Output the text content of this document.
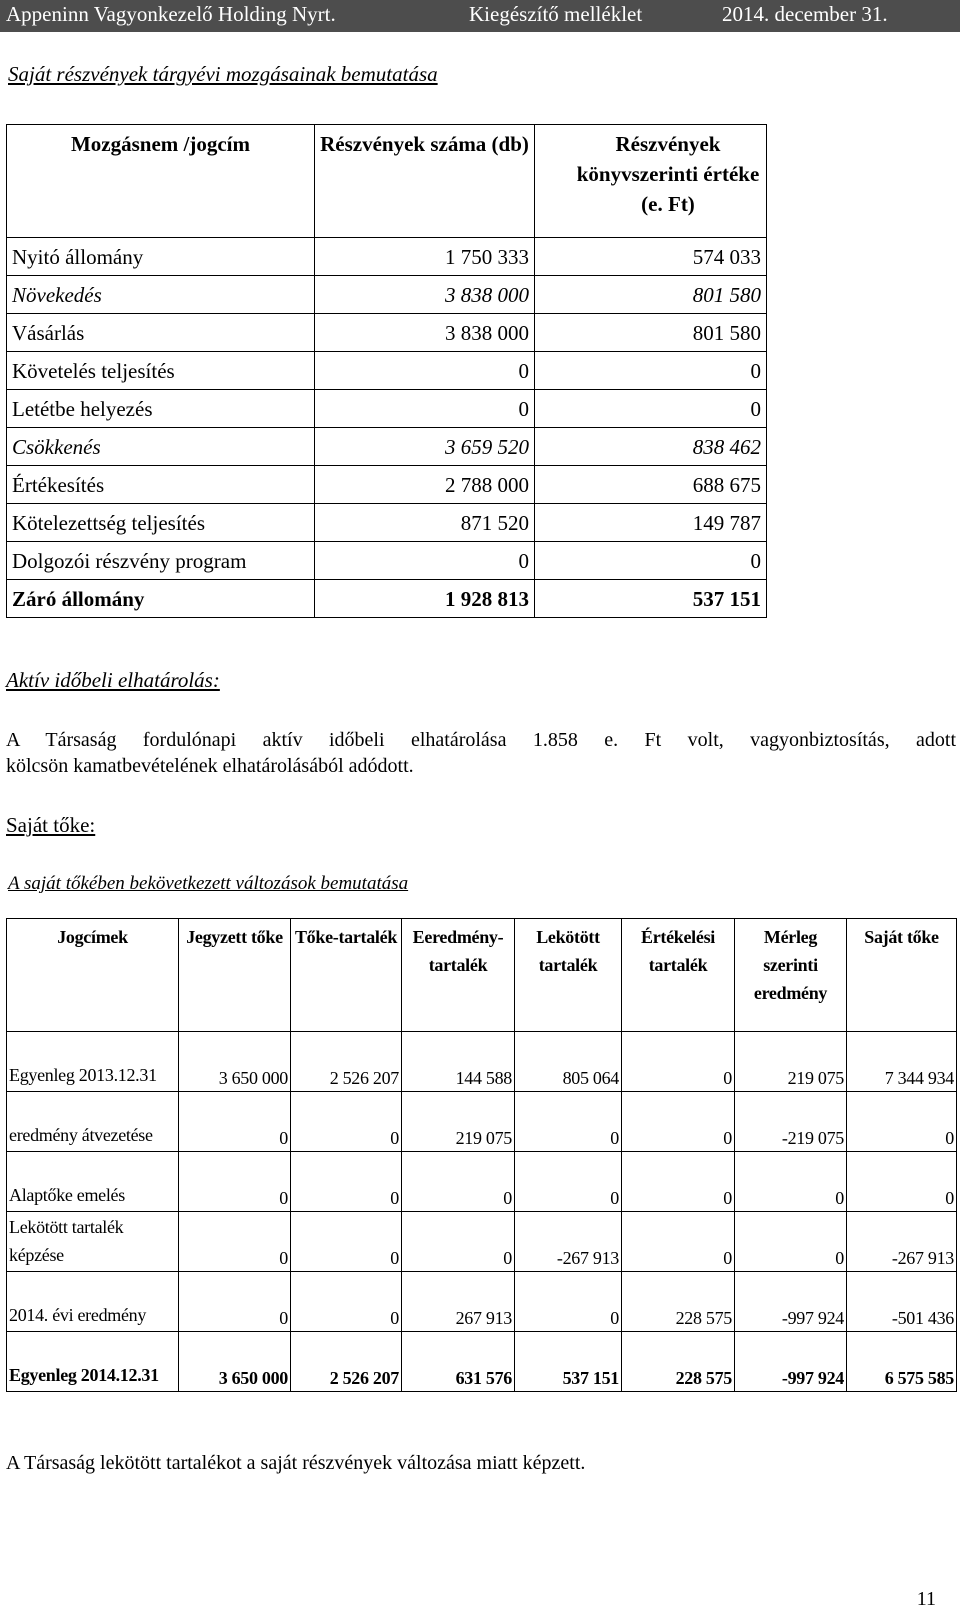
Appeninn Vagyonkezelő Holding Nyrt.	Kiegészítő melléklet	2014. december 31.
Saját részvények tárgyévi mozgásainak bemutatása
Mozgásnem /jogcím	Részvények száma (db)	Részvények könyvszerinti értéke (e. Ft)
Nyitó állomány	1 750 333	574 033
Növekedés	3 838 000	801 580
Vásárlás	3 838 000	801 580
Követelés teljesítés	0	0
Letétbe helyezés	0	0
Csökkenés	3 659 520	838 462
Értékesítés	2 788 000	688 675
Kötelezettség teljesítés	871 520	149 787
Dolgozói részvény program	0	0
Záró állomány	1 928 813	537 151
Aktív időbeli elhatárolás:
A Társaság fordulónapi aktív időbeli elhatárolása 1.858 e. Ft volt, vagyonbiztosítás, adott
kölcsön kamatbevételének elhatárolásából adódott.
Saját tőke:
A saját tőkében bekövetkezett változások bemutatása
Jogcímek	Jegyzett tőke	Tőke-tartalék	Eeredmény-tartalék	Lekötött tartalék	Értékelési tartalék	Mérleg szerinti eredmény	Saját tőke
Egyenleg 2013.12.31	3 650 000	2 526 207	144 588	805 064	0	219 075	7 344 934
eredmény átvezetése	0	0	219 075	0	0	-219 075	0
Alaptőke emelés	0	0	0	0	0	0	0
Lekötött tartalék képzése	0	0	0	-267 913	0	0	-267 913
2014. évi eredmény	0	0	267 913	0	228 575	-997 924	-501 436
Egyenleg 2014.12.31	3 650 000	2 526 207	631 576	537 151	228 575	-997 924	6 575 585
A Társaság lekötött tartalékot a saját részvények változása miatt képzett.
11
